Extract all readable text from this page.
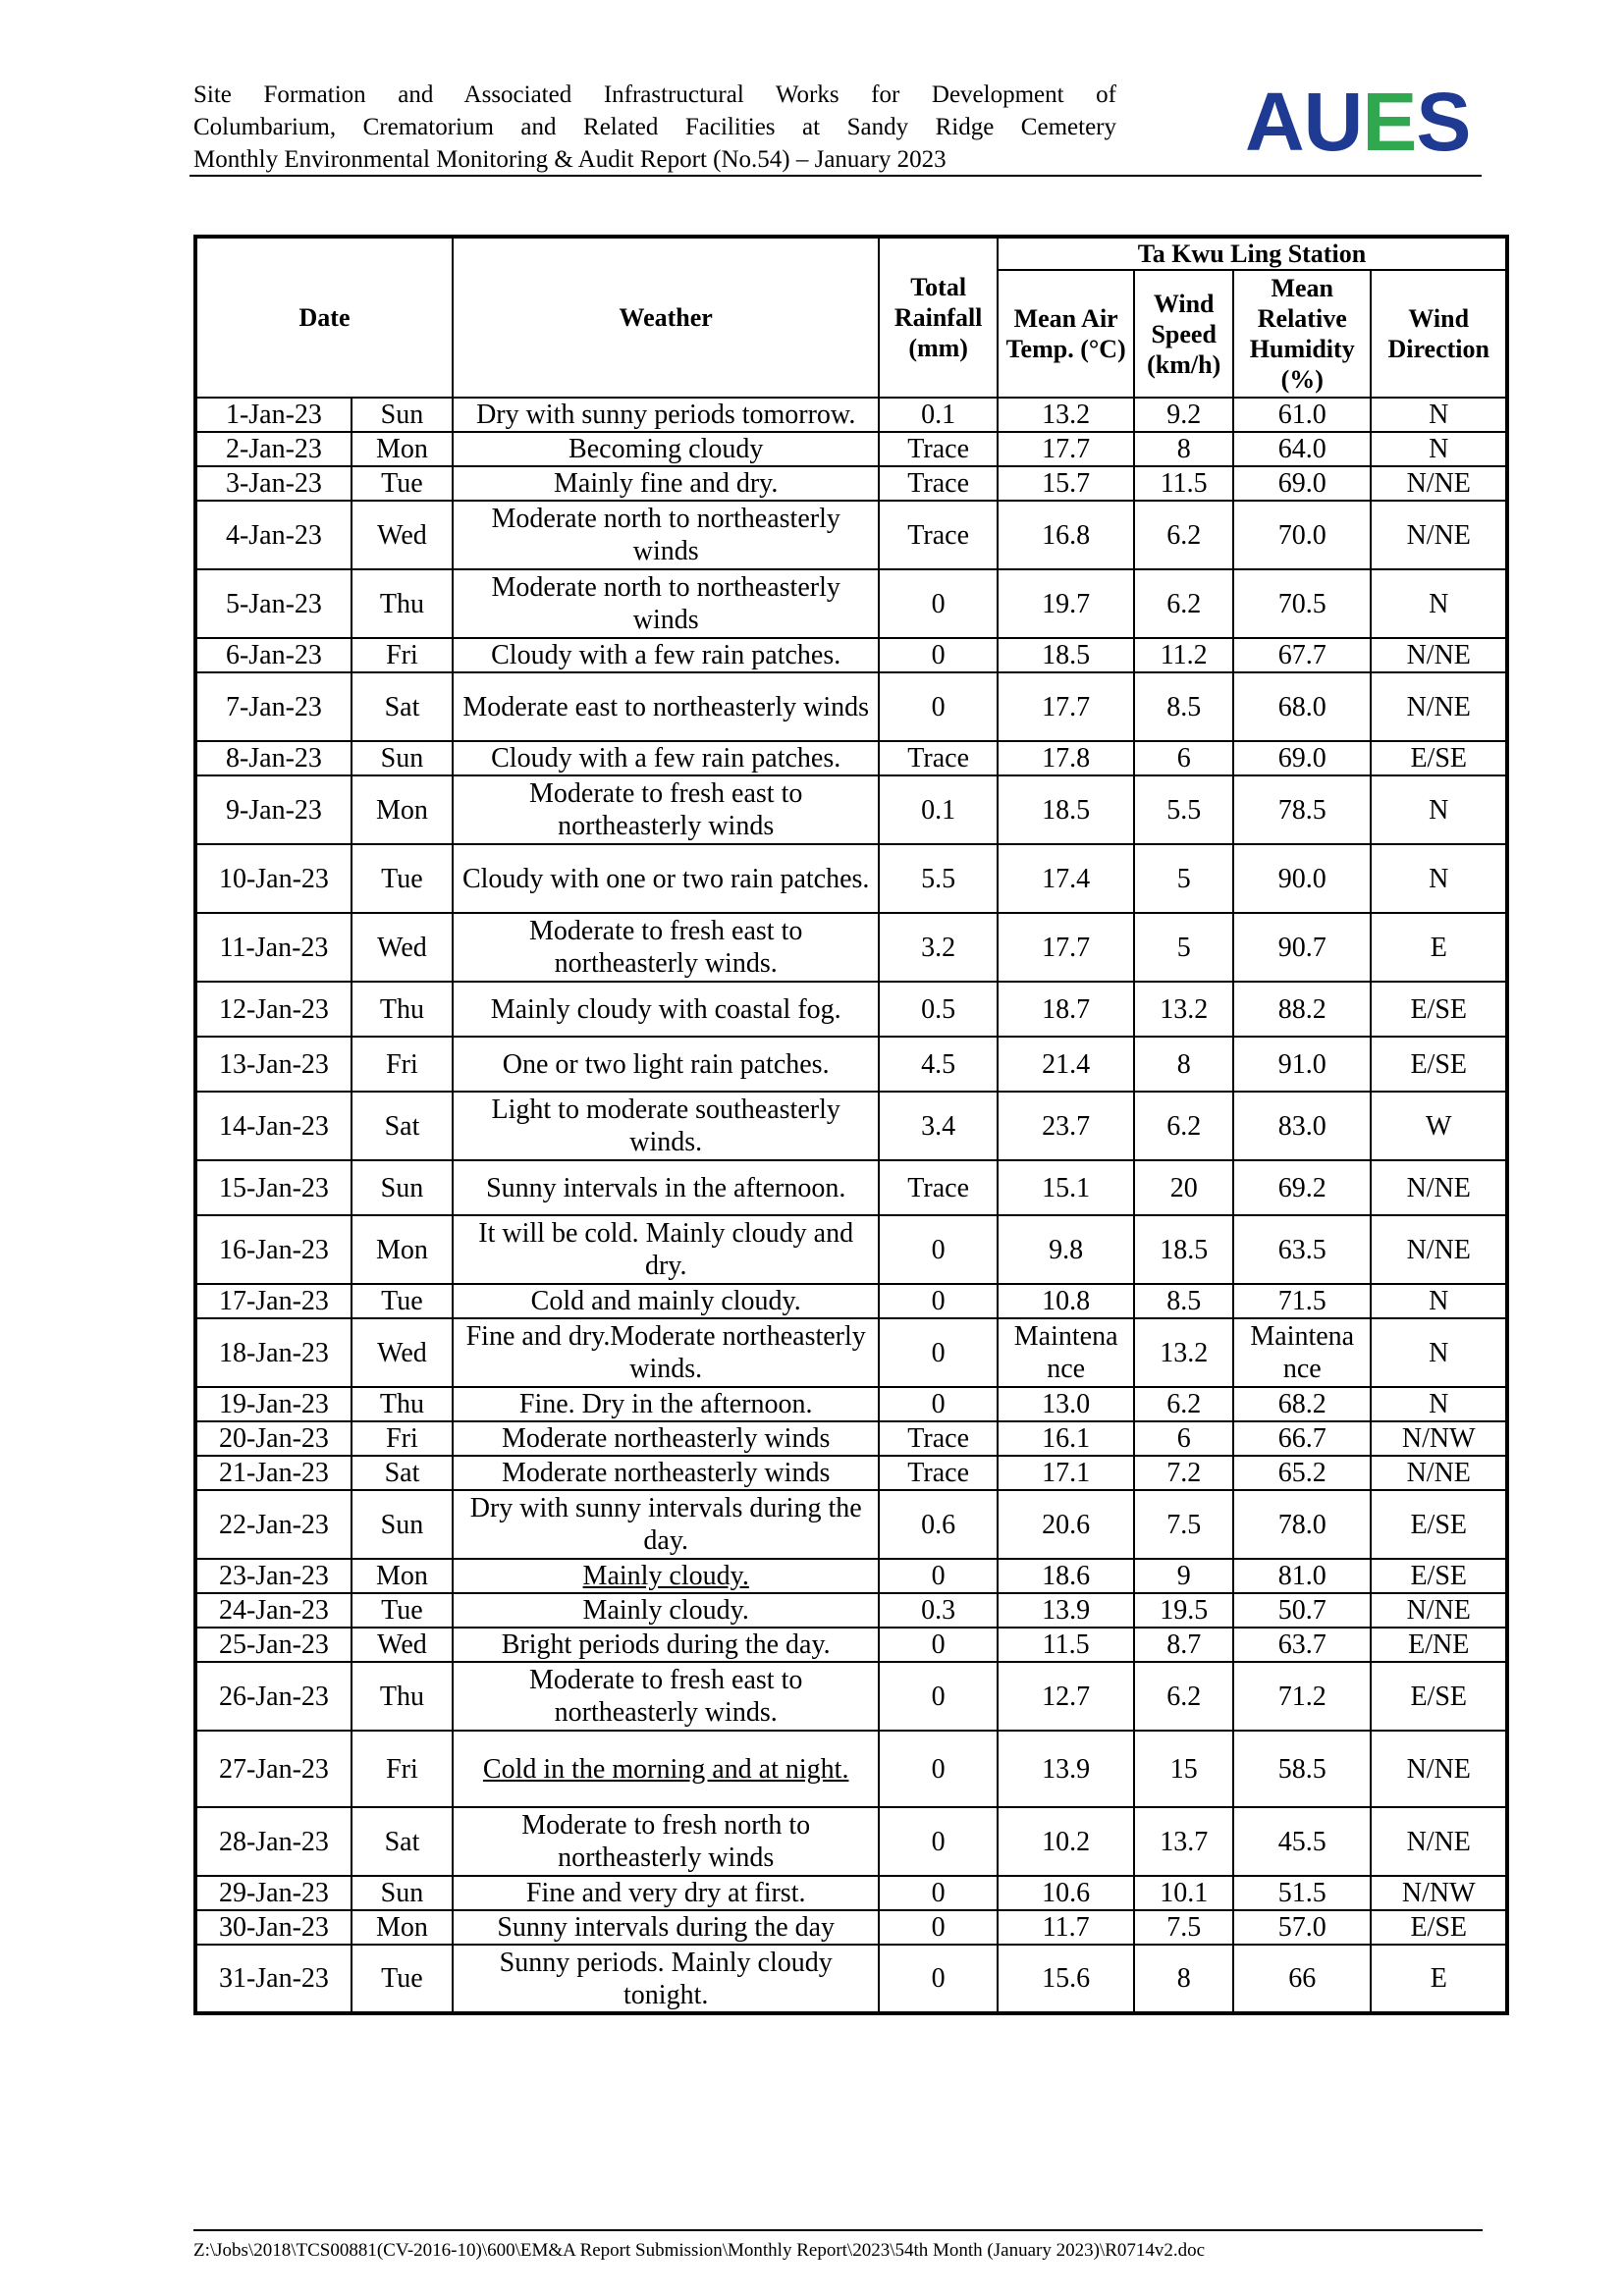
Site Formation and Associated Infrastructural Works for Development of
Columbarium, Crematorium and Related Facilities at Sandy Ridge Cemetery
Monthly Environmental Monitoring & Audit Report (No.54) – January 2023	AUES
Date		Weather	Total Rainfall (mm)	Ta Kwu Ling Station			
				Mean Air Temp. (°C)	Wind Speed (km/h)	Mean Relative Humidity (%)	Wind Direction
1-Jan-23	Sun	Dry with sunny periods tomorrow.	0.1	13.2	9.2	61.0	N
2-Jan-23	Mon	Becoming cloudy	Trace	17.7	8	64.0	N
3-Jan-23	Tue	Mainly fine and dry.	Trace	15.7	11.5	69.0	N/NE
4-Jan-23	Wed	Moderate north to northeasterly winds	Trace	16.8	6.2	70.0	N/NE
5-Jan-23	Thu	Moderate north to northeasterly winds	0	19.7	6.2	70.5	N
6-Jan-23	Fri	Cloudy with a few rain patches.	0	18.5	11.2	67.7	N/NE
7-Jan-23	Sat	Moderate east to northeasterly winds	0	17.7	8.5	68.0	N/NE
8-Jan-23	Sun	Cloudy with a few rain patches.	Trace	17.8	6	69.0	E/SE
9-Jan-23	Mon	Moderate to fresh east to northeasterly winds	0.1	18.5	5.5	78.5	N
10-Jan-23	Tue	Cloudy with one or two rain patches.	5.5	17.4	5	90.0	N
11-Jan-23	Wed	Moderate to fresh east to northeasterly winds.	3.2	17.7	5	90.7	E
12-Jan-23	Thu	Mainly cloudy with coastal fog.	0.5	18.7	13.2	88.2	E/SE
13-Jan-23	Fri	One or two light rain patches.	4.5	21.4	8	91.0	E/SE
14-Jan-23	Sat	Light to moderate southeasterly winds.	3.4	23.7	6.2	83.0	W
15-Jan-23	Sun	Sunny intervals in the afternoon.	Trace	15.1	20	69.2	N/NE
16-Jan-23	Mon	It will be cold. Mainly cloudy and dry.	0	9.8	18.5	63.5	N/NE
17-Jan-23	Tue	Cold and mainly cloudy.	0	10.8	8.5	71.5	N
18-Jan-23	Wed	Fine and dry.Moderate northeasterly winds.	0	Maintena nce	13.2	Maintena nce	N
19-Jan-23	Thu	Fine. Dry in the afternoon.	0	13.0	6.2	68.2	N
20-Jan-23	Fri	Moderate northeasterly winds	Trace	16.1	6	66.7	N/NW
21-Jan-23	Sat	Moderate northeasterly winds	Trace	17.1	7.2	65.2	N/NE
22-Jan-23	Sun	Dry with sunny intervals during the day.	0.6	20.6	7.5	78.0	E/SE
23-Jan-23	Mon	Mainly cloudy.	0	18.6	9	81.0	E/SE
24-Jan-23	Tue	Mainly cloudy.	0.3	13.9	19.5	50.7	N/NE
25-Jan-23	Wed	Bright periods during the day.	0	11.5	8.7	63.7	E/NE
26-Jan-23	Thu	Moderate to fresh east to northeasterly winds.	0	12.7	6.2	71.2	E/SE
27-Jan-23	Fri	Cold in the morning and at night.	0	13.9	15	58.5	N/NE
28-Jan-23	Sat	Moderate to fresh north to northeasterly winds	0	10.2	13.7	45.5	N/NE
29-Jan-23	Sun	Fine and very dry at first.	0	10.6	10.1	51.5	N/NW
30-Jan-23	Mon	Sunny intervals during the day	0	11.7	7.5	57.0	E/SE
31-Jan-23	Tue	Sunny periods. Mainly cloudy tonight.	0	15.6	8	66	E
Z:\Jobs\2018\TCS00881(CV-2016-10)\600\EM&A Report Submission\Monthly Report\2023\54th Month (January 2023)\R0714v2.doc
